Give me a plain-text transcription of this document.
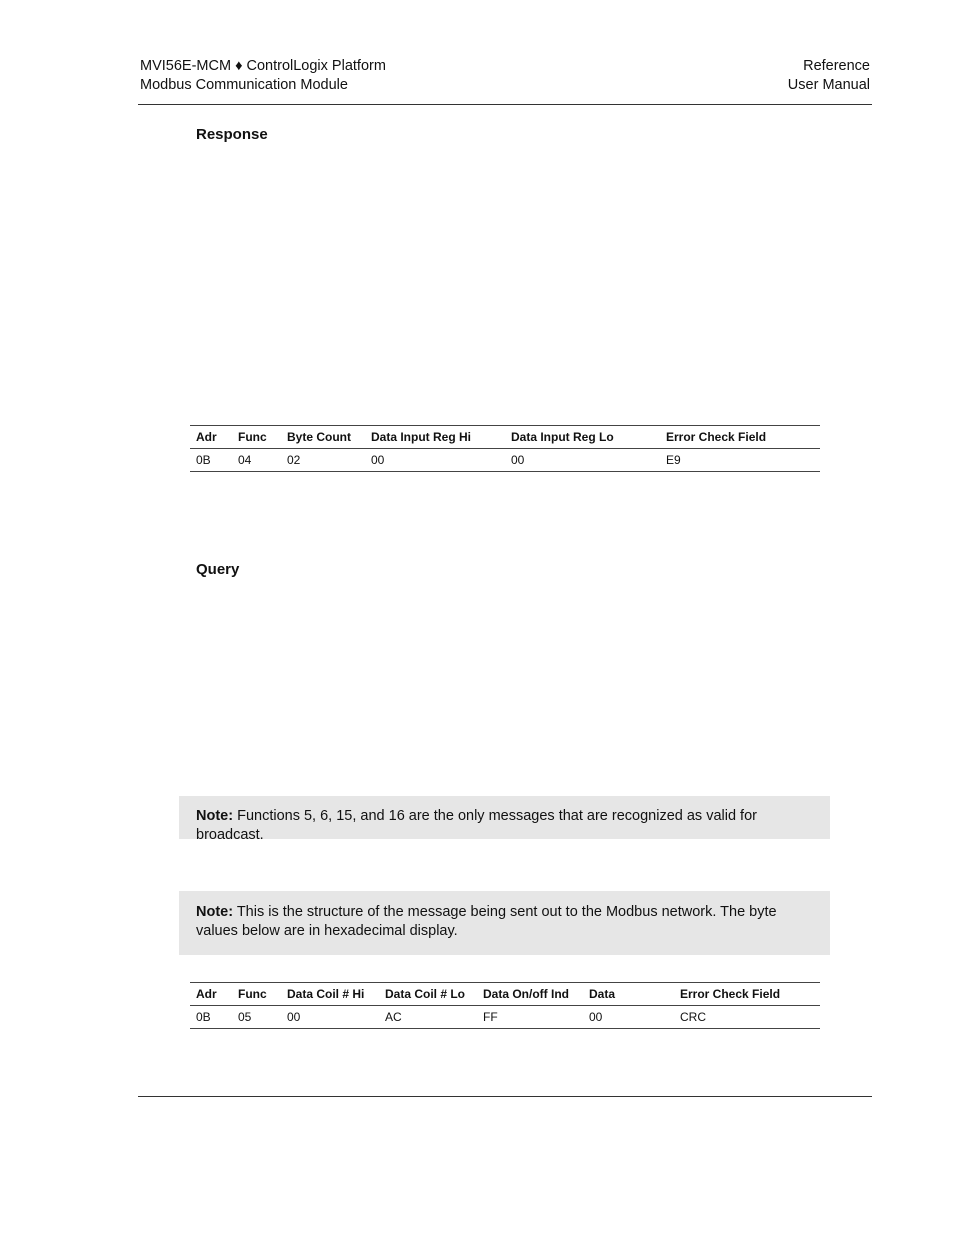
MVI56E-MCM ♦ ControlLogix Platform
Modbus Communication Module
Reference
User Manual
Response
Adr	Func	Byte Count	Data Input Reg Hi	Data Input Reg Lo	Error Check Field
0B	04	02	00	00	E9
Query
Note: Functions 5, 6, 15, and 16 are the only messages that are recognized as valid for broadcast.
Note: This is the structure of the message being sent out to the Modbus network. The byte values below are in hexadecimal display.
Adr	Func	Data Coil # Hi	Data Coil # Lo	Data On/off Ind	Data	Error Check Field
0B	05	00	AC	FF	00	CRC
